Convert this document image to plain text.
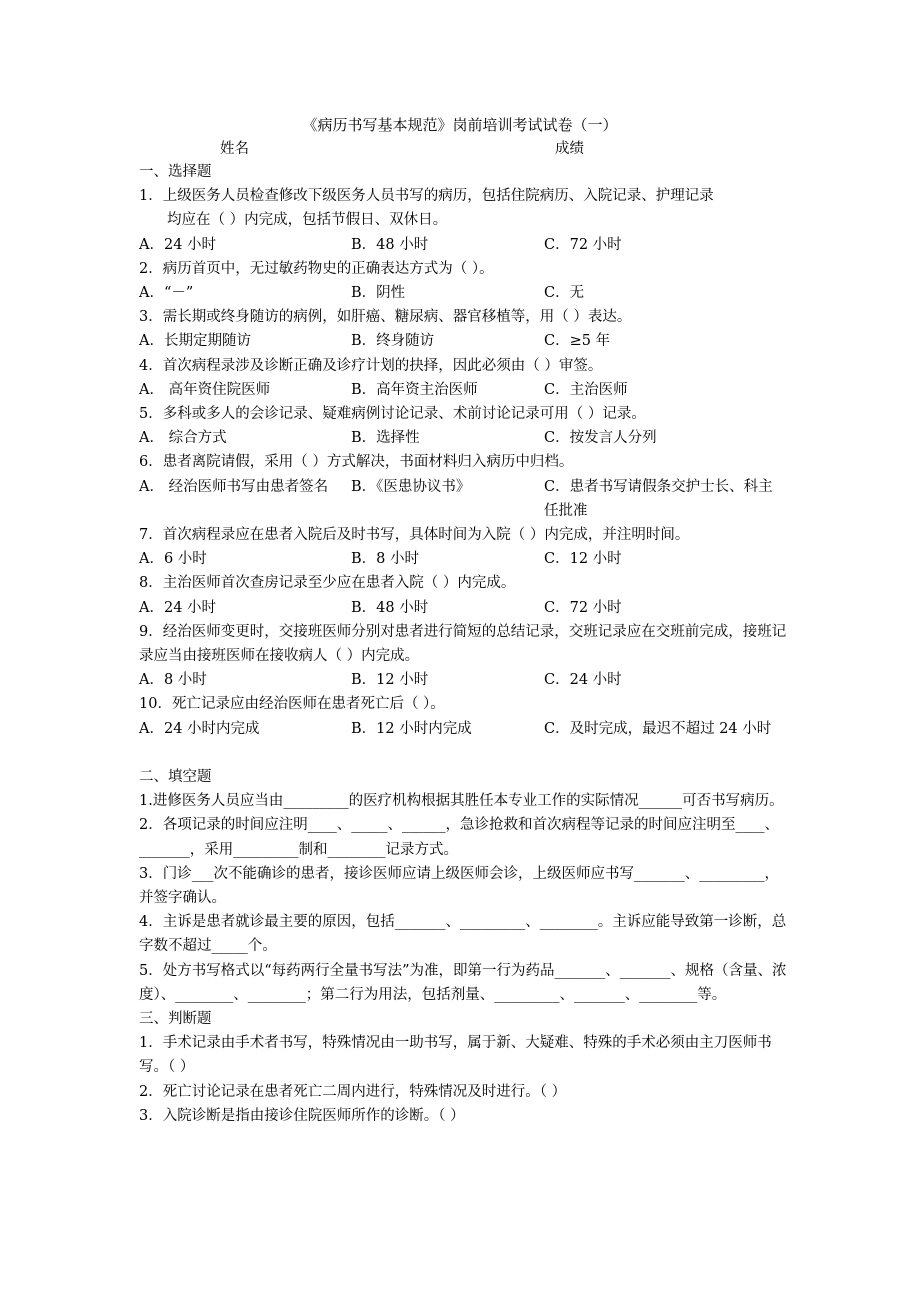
《病历书写基本规范》岗前培训考试试卷（一）
姓名	成绩
一、选择题
1．上级医务人员检查修改下级医务人员书写的病历，包括住院病历、入院记录、护理记录
均应在（ ）内完成，包括节假日、双休日。
A．24 小时	B．48 小时	C．72 小时
2．病历首页中，无过敏药物史的正确表达方式为（ ）。
A．“－”	B．阴性	C．无
3．需长期或终身随访的病例，如肝癌、糖尿病、器官移植等，用（ ）表达。
A．长期定期随访	B．终身随访	C．≥5 年
4．首次病程录涉及诊断正确及诊疗计划的抉择，因此必须由（ ）审签。
A． 高年资住院医师	B．高年资主治医师	C．主治医师
5．多科或多人的会诊记录、疑难病例讨论记录、术前讨论记录可用（ ）记录。
A． 综合方式	B．选择性	C．按发言人分列
6．患者离院请假，采用（ ）方式解决，书面材料归入病历中归档。
A． 经治医师书写由患者签名 B．《医患协议书》	C．患者书写请假条交护士长、科主任批准
7．首次病程录应在患者入院后及时书写，具体时间为入院（ ）内完成，并注明时间。
A．6 小时	B．8 小时	C．12 小时
8．主治医师首次查房记录至少应在患者入院（ ）内完成。
A．24 小时	B．48 小时	C．72 小时
9．经治医师变更时，交接班医师分别对患者进行简短的总结记录，交班记录应在交班前完成，接班记录应当由接班医师在接收病人（ ）内完成。
A．8 小时	B．12 小时	C．24 小时
10．死亡记录应由经治医师在患者死亡后（ ）。
A．24 小时内完成	B．12 小时内完成	C．及时完成，最迟不超过 24 小时
二、填空题
1.进修医务人员应当由_________的医疗机构根据其胜任本专业工作的实际情况______可否书写病历。
2．各项记录的时间应注明____、_____、______，急诊抢救和首次病程等记录的时间应注明至____、_______，采用_________制和________记录方式。
3．门诊___次不能确诊的患者，接诊医师应请上级医师会诊，上级医师应书写_______、_________，并签字确认。
4．主诉是患者就诊最主要的原因，包括_______、_________、________。主诉应能导致第一诊断，总字数不超过_____个。
5．处方书写格式以“每药两行全量书写法”为准，即第一行为药品_______、_______、规格（含量、浓度）、________、________；第二行为用法，包括剂量、_________、_______、________等。
三、判断题
1．手术记录由手术者书写，特殊情况由一助书写，属于新、大疑难、特殊的手术必须由主刀医师书写。（ ）
2．死亡讨论记录在患者死亡二周内进行，特殊情况及时进行。（ ）
3．入院诊断是指由接诊住院医师所作的诊断。（ ）
